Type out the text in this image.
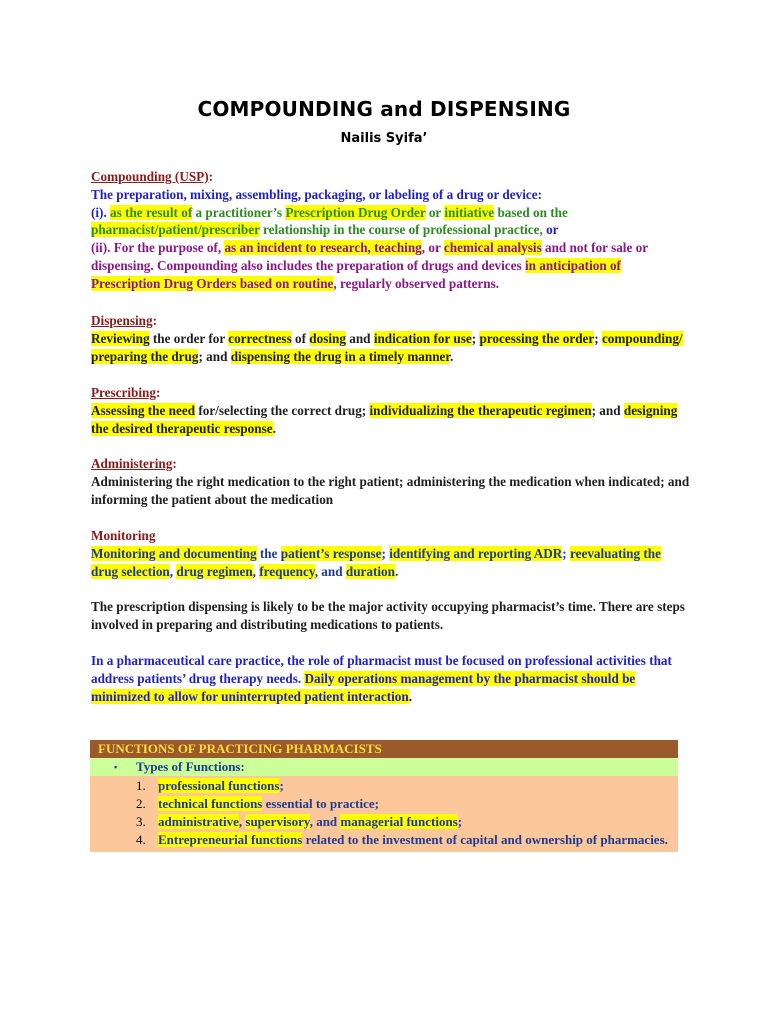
COMPOUNDING and DISPENSING
Nailis Syifa’
Compounding (USP):
The preparation, mixing, assembling, packaging, or labeling of a drug or device:
(i). as the result of a practitioner’s Prescription Drug Order or initiative based on the pharmacist/patient/prescriber relationship in the course of professional practice, or
(ii). For the purpose of, as an incident to research, teaching, or chemical analysis and not for sale or dispensing. Compounding also includes the preparation of drugs and devices in anticipation of Prescription Drug Orders based on routine, regularly observed patterns.
Dispensing:
Reviewing the order for correctness of dosing and indication for use; processing the order; compounding/ preparing the drug; and dispensing the drug in a timely manner.
Prescribing:
Assessing the need for/selecting the correct drug; individualizing the therapeutic regimen; and designing the desired therapeutic response.
Administering:
Administering the right medication to the right patient; administering the medication when indicated; and informing the patient about the medication
Monitoring
Monitoring and documenting the patient’s response; identifying and reporting ADR; reevaluating the drug selection, drug regimen, frequency, and duration.
The prescription dispensing is likely to be the major activity occupying pharmacist’s time. There are steps involved in preparing and distributing medications to patients.
In a pharmaceutical care practice, the role of pharmacist must be focused on professional activities that address patients’ drug therapy needs. Daily operations management by the pharmacist should be minimized to allow for uninterrupted patient interaction.
FUNCTIONS OF PRACTICING PHARMACISTS
▪ Types of Functions:
1. professional functions;
2. technical functions essential to practice;
3. administrative, supervisory, and managerial functions;
4. Entrepreneurial functions related to the investment of capital and ownership of pharmacies.
